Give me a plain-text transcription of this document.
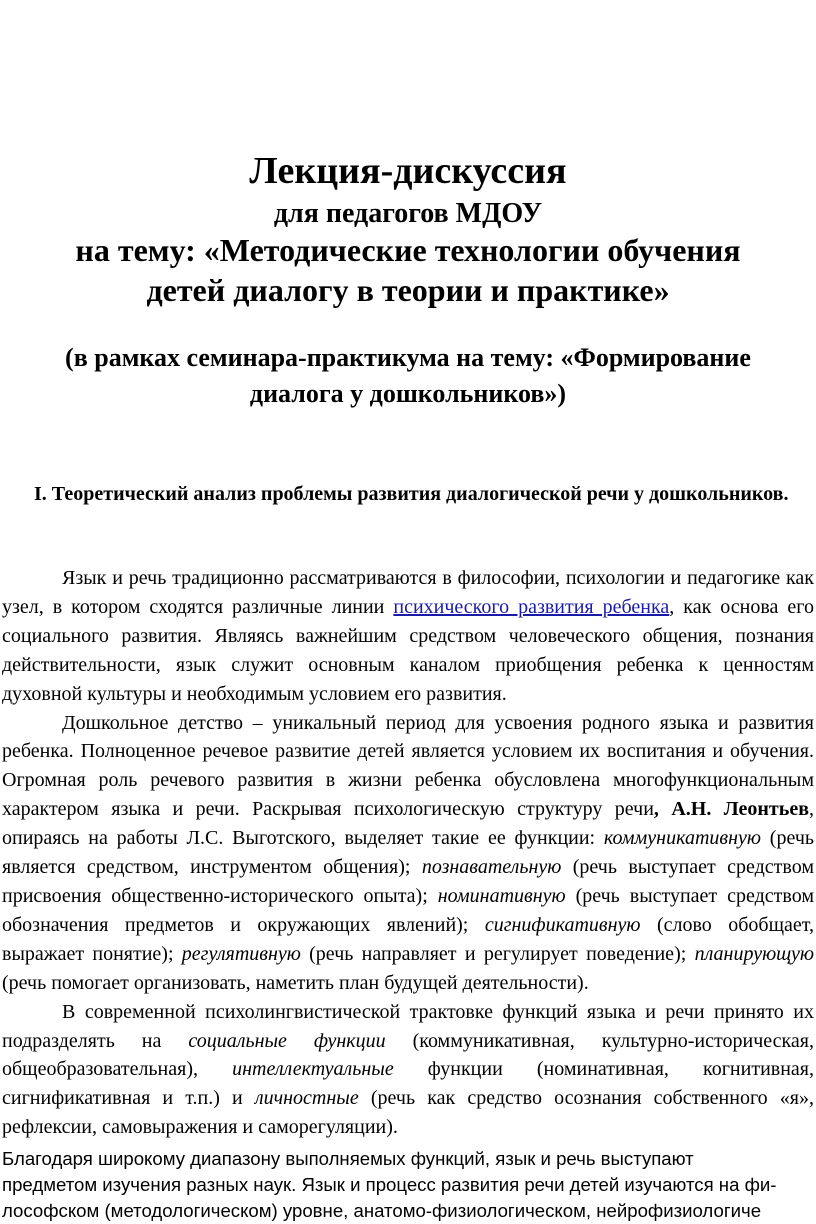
Лекция-дискуссия
для педагогов МДОУ
на тему: «Методические технологии обучения
детей диалогу в теории и практике»
(в рамках семинара-практикума на тему: «Формирование
диалога у дошкольников»)
I. Теоретический анализ проблемы развития диалогической речи у дошкольников.

Язык и речь традиционно рассматриваются в философии, психологии и педагогике как узел, в котором сходятся различные линии психического развития ребенка, как основа его социального развития. Являясь важнейшим средством человеческого общения, познания действительности, язык служит основным каналом приобщения ребенка к ценностям духовной культуры и необходимым условием его развития.

Дошкольное детство – уникальный период для усвоения родного языка и развития ребенка. Полноценное речевое развитие детей является условием их воспитания и обучения. Огромная роль речевого развития в жизни ребенка обусловлена многофункциональным характером языка и речи. Раскрывая психологическую структуру речи, А.Н. Леонтьев, опираясь на работы Л.С. Выготского, выделяет такие ее функции: коммуникативную (речь является средством, инструментом общения); познавательную (речь выступает средством присвоения общественно-исторического опыта); номинативную (речь выступает средством обозначения предметов и окружающих явлений); сигнификативную (слово обобщает, выражает понятие); регулятивную (речь направляет и регулирует поведение); планирующую (речь помогает организовать, наметить план будущей деятельности).

В современной психолингвистической трактовке функций языка и речи принято их подразделять на социальные функции (коммуникативная, культурно-историческая, общеобразовательная), интеллектуальные функции (номинативная, когнитивная, сигнификативная и т.п.) и личностные (речь как средство осознания собственного «я», рефлексии, самовыражения и саморегуляции).

Благодаря широкому диапазону выполняемых функций, язык и речь выступают

предметом изучения разных наук. Язык и процесс развития речи детей изучаются на фи-

лософском (методологическом) уровне, анатомо-физиологическом, нейрофизиологиче
